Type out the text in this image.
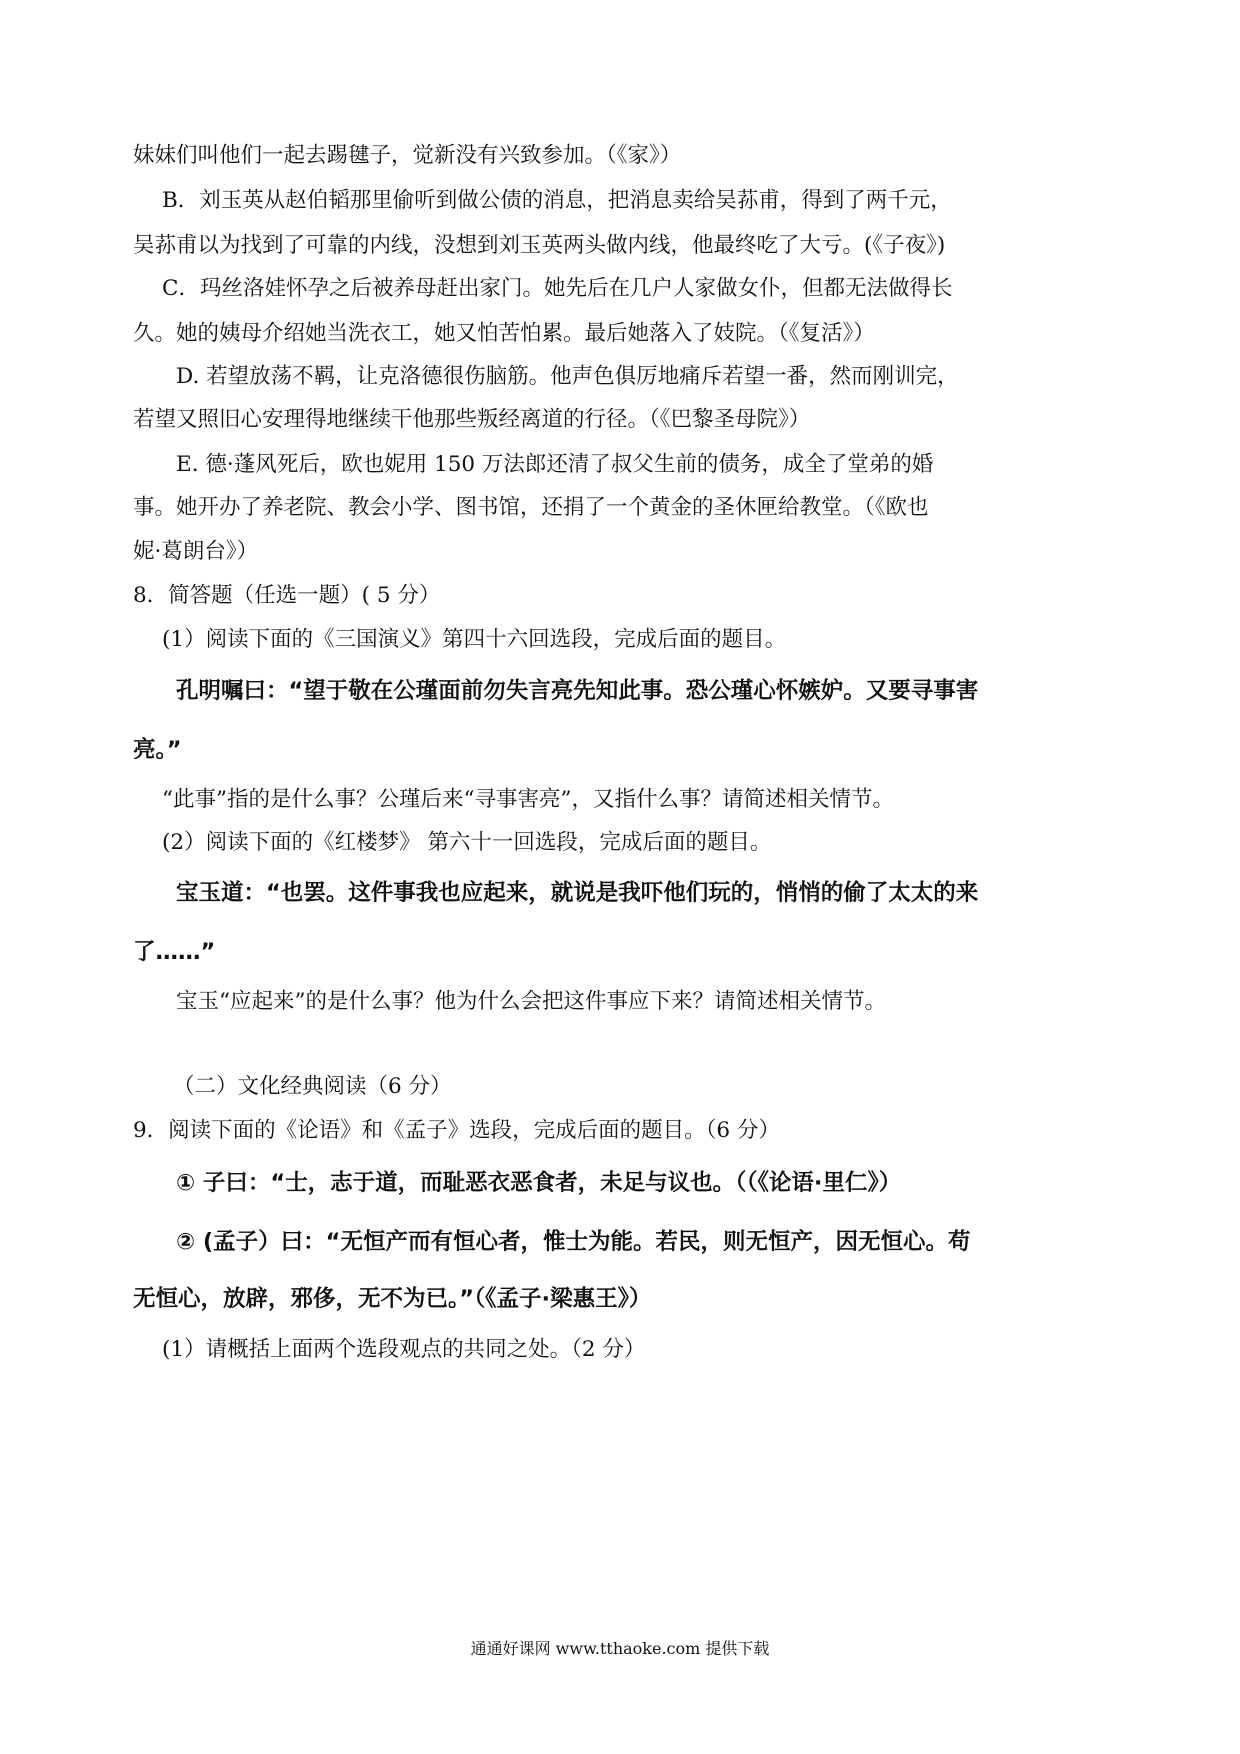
妹妹们叫他们一起去踢毽子，觉新没有兴致参加。（《家》）
B．刘玉英从赵伯韬那里偷听到做公债的消息，把消息卖给吴荪甫，得到了两千元，
吴荪甫以为找到了可靠的内线，没想到刘玉英两头做内线，他最终吃了大亏。(《子夜》)
C．玛丝洛娃怀孕之后被养母赶出家门。她先后在几户人家做女仆，但都无法做得长
久。她的姨母介绍她当洗衣工，她又怕苦怕累。最后她落入了妓院。（《复活》）
D. 若望放荡不羁，让克洛德很伤脑筋。他声色俱厉地痛斥若望一番，然而刚训完，
若望又照旧心安理得地继续干他那些叛经离道的行径。（《巴黎圣母院》）
E. 德·蓬风死后，欧也妮用 150 万法郎还清了叔父生前的债务，成全了堂弟的婚
事。她开办了养老院、教会小学、图书馆，还捐了一个黄金的圣休匣给教堂。（《欧也
妮·葛朗台》）
8．简答题（任选一题）( 5 分）
(1）阅读下面的《三国演义》第四十六回选段，完成后面的题目。
孔明嘱曰：“望于敬在公瑾面前勿失言亮先知此事。恐公瑾心怀嫉妒。又要寻事害
亮。”
“此事”指的是什么事？公瑾后来“寻事害亮”，又指什么事？请简述相关情节。
(2）阅读下面的《红楼梦》 第六十一回选段，完成后面的题目。
宝玉道：“也罢。这件事我也应起来，就说是我吓他们玩的，悄悄的偷了太太的来
了……”
宝玉“应起来”的是什么事？他为什么会把这件事应下来？请简述相关情节。
（二）文化经典阅读（6 分）
9．阅读下面的《论语》和《孟子》选段，完成后面的题目。（6 分）
① 子曰：“士，志于道，而耻恶衣恶食者，未足与议也。（（《论语·里仁》）
② (孟子）曰：“无恒产而有恒心者，惟士为能。若民，则无恒产，因无恒心。苟
无恒心，放辟，邪侈，无不为已。”（《孟子·梁惠王》）
(1）请概括上面两个选段观点的共同之处。（2 分）
通通好课网 www.tthaoke.com 提供下载
